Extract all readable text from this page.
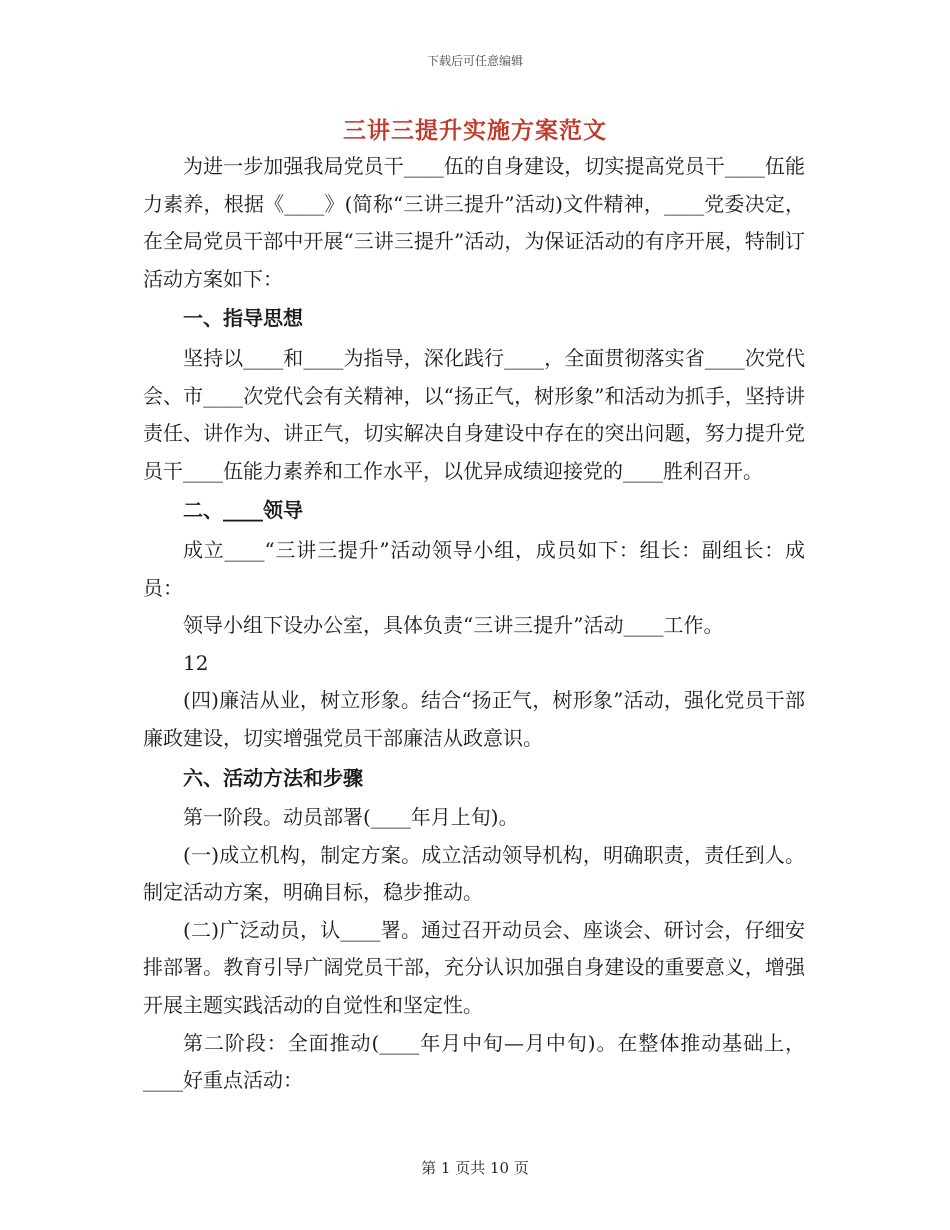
下载后可任意编辑
三讲三提升实施方案范文

为进一步加强我局党员干____伍的自身建设，切实提高党员干____伍能力素养，根据《____》(简称“三讲三提升”活动)文件精神，____党委决定，在全局党员干部中开展“三讲三提升”活动，为保证活动的有序开展，特制订活动方案如下：

一、指导思想

坚持以____和____为指导，深化践行____，全面贯彻落实省____次党代会、市____次党代会有关精神，以“扬正气，树形象”和活动为抓手，坚持讲责任、讲作为、讲正气，切实解决自身建设中存在的突出问题，努力提升党员干____伍能力素养和工作水平，以优异成绩迎接党的____胜利召开。

二、____领导

成立____“三讲三提升”活动领导小组，成员如下：组长：副组长：成员：

领导小组下设办公室，具体负责“三讲三提升”活动____工作。

12

(四)廉洁从业，树立形象。结合“扬正气，树形象”活动，强化党员干部廉政建设，切实增强党员干部廉洁从政意识。

六、活动方法和步骤

第一阶段。动员部署(____年月上旬)。

(一)成立机构，制定方案。成立活动领导机构，明确职责，责任到人。制定活动方案，明确目标，稳步推动。

(二)广泛动员，认____署。通过召开动员会、座谈会、研讨会，仔细安排部署。教育引导广阔党员干部，充分认识加强自身建设的重要意义，增强开展主题实践活动的自觉性和坚定性。

第二阶段：全面推动(____年月中旬—月中旬)。在整体推动基础上，____好重点活动：

第 1 页共 10 页
